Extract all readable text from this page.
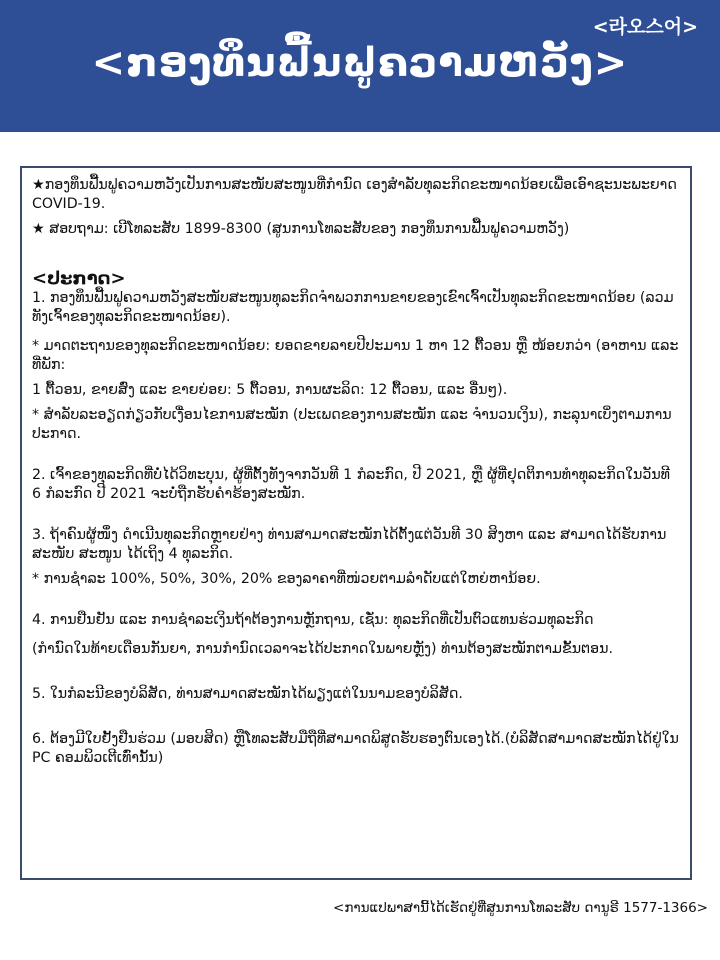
<라오스어>
<ກອງທຶນຟື້ນຟູຄວາມຫວັງ>

★ກອງທຶນຟື້ນຟູຄວາມຫວັງເປັນການສະໜັບສະໜູນທີ່ກຳນົດ ເອງສຳລັບທຸລະກິດຂະໜາດນ້ອຍເພື່ອເອົາຊະນະພະຍາດ COVID-19.

★ ສອບຖາມ: ເບີໂທລະສັບ 1899-8300 (ສູນການໂທລະສັບຂອງ ກອງທຶນການຟື້ນຟູຄວາມຫວັງ)

<ປະກາດ>

1. ກອງທຶນຟື້ນຟູຄວາມຫວັງສະໜັບສະໜູນທຸລະກິດຈຳພວກການຂາຍຂອງເຂົາເຈົ້າເປັນທຸລະກິດຂະໜາດນ້ອຍ (ລວມທັງເຈົ້າຂອງທຸລະກິດຂະໜາດນ້ອຍ).

* ມາດຕະຖານຂອງທຸລະກິດຂະໜາດນ້ອຍ: ຍອດຂາຍລາຍປີປະມານ 1 ຫາ 12 ຕື້ວອນ ຫຼື ໜ້ອຍກວ່າ (ອາຫານ ແລະ ທີ່ພັກ:

1 ຕື້ວອນ, ຂາຍສົ່ງ ແລະ ຂາຍຍ່ອຍ: 5 ຕື້ວອນ, ການຜະລິດ: 12 ຕື້ວອນ, ແລະ ອື່ນໆ).

* ສຳລັບລະອຽດກ່ຽວກັບເງື່ອນໄຂການສະໝັກ (ປະເພດຂອງການສະໝັກ ແລະ ຈຳນວນເງິນ), ກະລຸນາເບິ່ງຕາມການປະກາດ.

2. ເຈົ້າຂອງທຸລະກິດທີ່ບໍ່ໄດ້ວິທະບຸນ, ຜູ້ທີ່ຕັ້ງທັງຈາກວັນທີ 1 ກໍລະກົດ, ປີ 2021, ຫຼື ຜູ້ທີ່ຢຸດຕິການທຳທຸລະກິດໃນວັນທີ 6 ກໍລະກົດ ປີ 2021 ຈະບໍ່ຖືກຮັບຄຳຮ້ອງສະໝັກ.

3. ຖ້າຄົນຜູ້ໜຶ່ງ ດຳເນີນທຸລະກິດຫຼາຍຢ່າງ ທ່ານສາມາດສະໝັກໄດ້ຕັ້ງແຕ່ວັນທີ 30 ສິງຫາ ແລະ ສາມາດໄດ້ຮັບການສະໜັບ ສະໜູນ ໄດ້ເຖິງ 4 ທຸລະກິດ.

* ການຊຳລະ 100%, 50%, 30%, 20% ຂອງລາຄາທີ່ໜ່ວຍຕາມລຳດັບແຕ່ໃຫຍ່ຫານ້ອຍ.

4. ການຢືນຢັນ ແລະ ການຊຳລະເງິນຖ້າຕ້ອງການຫຼັກຖານ, ເຊັ່ນ: ທຸລະກິດທີ່ເປັນຕົວແທນຮ່ວມທຸລະກິດ

(ກຳນົດໃນທ້າຍເດືອນກັນຍາ, ການກຳນົດເວລາຈະໄດ້ປະກາດໃນພາຍຫຼັງ) ທ່ານຕ້ອງສະໝັກຕາມຂັ້ນຕອນ.

5. ໃນກໍລະນີຂອງບໍລິສັດ, ທ່ານສາມາດສະໝັກໄດ້ພຽງແຕ່ໃນນາມຂອງບໍລິສັດ.

6. ຕ້ອງມີໃບຢັ້ງຢືນຮ່ວມ (ມອບສິດ) ຫຼືໂທລະສັບມືຖືທີ່ສາມາດພິສູດຮັບຮອງຕົນເອງໄດ້.(ບໍລິສັດສາມາດສະໝັກໄດ້ຢູ່ໃນ PC ຄອມພິວເຕີເທົ່ານັ້ນ)

<ການແປພາສານີ້ໄດ້ເຮັດຢູ່ທີ່ສູນການໂທລະສັບ ດານູຣີ 1577-1366>
